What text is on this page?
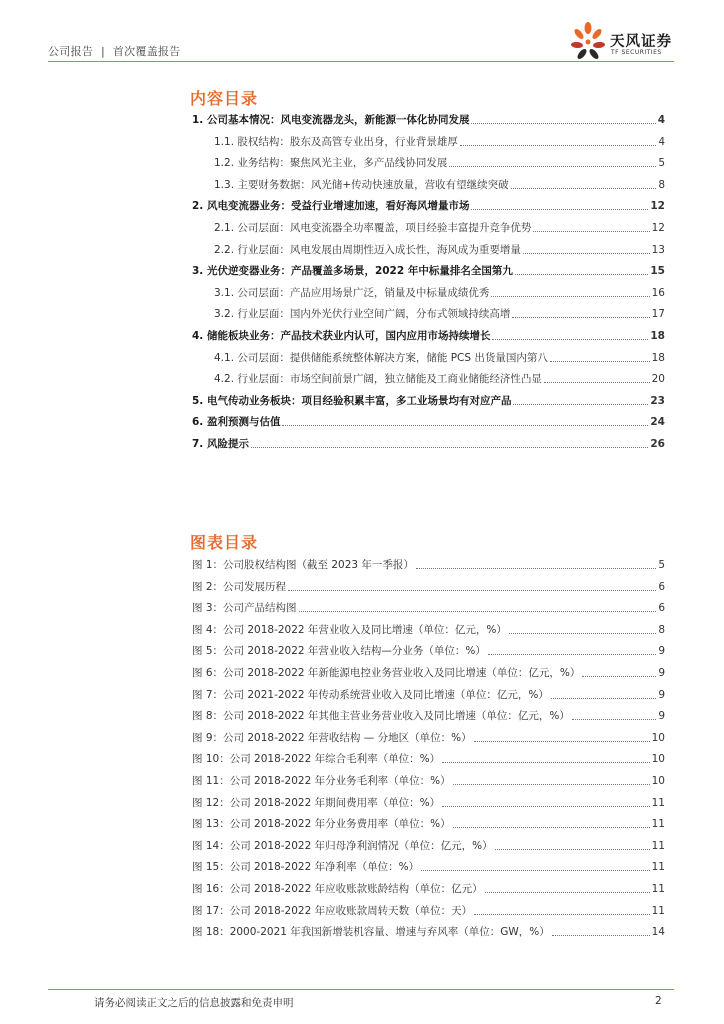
公司报告 | 首次覆盖报告
天风证券
TF SECURITIES
内容目录
1. 公司基本情况：风电变流器龙头，新能源一体化协同发展	4
1.1. 股权结构：股东及高管专业出身，行业背景雄厚	4
1.2. 业务结构：聚焦风光主业，多产品线协同发展	5
1.3. 主要财务数据：风光储+传动快速放量，营收有望继续突破	8
2. 风电变流器业务：受益行业增速加速，看好海风增量市场	12
2.1. 公司层面：风电变流器全功率覆盖，项目经验丰富提升竞争优势	12
2.2. 行业层面：风电发展由周期性迈入成长性，海风成为重要增量	13
3. 光伏逆变器业务：产品覆盖多场景，2022 年中标量排名全国第九	15
3.1. 公司层面：产品应用场景广泛，销量及中标量成绩优秀	16
3.2. 行业层面：国内外光伏行业空间广阔，分布式领域持续高增	17
4. 储能板块业务：产品技术获业内认可，国内应用市场持续增长	18
4.1. 公司层面：提供储能系统整体解决方案，储能 PCS 出货量国内第八	18
4.2. 行业层面：市场空间前景广阔，独立储能及工商业储能经济性凸显	20
5. 电气传动业务板块：项目经验积累丰富，多工业场景均有对应产品	23
6. 盈利预测与估值	24
7. 风险提示	26
图表目录
图 1：公司股权结构图（截至 2023 年一季报）	5
图 2：公司发展历程	6
图 3：公司产品结构图	6
图 4：公司 2018-2022 年营业收入及同比增速（单位：亿元，%）	8
图 5：公司 2018-2022 年营业收入结构—分业务（单位：%）	9
图 6：公司 2018-2022 年新能源电控业务营业收入及同比增速（单位：亿元，%）	9
图 7：公司 2021-2022 年传动系统营业收入及同比增速（单位：亿元，%）	9
图 8：公司 2018-2022 年其他主营业务营业收入及同比增速（单位：亿元，%）	9
图 9：公司 2018-2022 年营收结构 — 分地区（单位：%）	10
图 10：公司 2018-2022 年综合毛利率（单位：%）	10
图 11：公司 2018-2022 年分业务毛利率（单位：%）	10
图 12：公司 2018-2022 年期间费用率（单位：%）	11
图 13：公司 2018-2022 年分业务费用率（单位：%）	11
图 14：公司 2018-2022 年归母净利润情况（单位：亿元，%）	11
图 15：公司 2018-2022 年净利率（单位：%）	11
图 16：公司 2018-2022 年应收账款账龄结构（单位：亿元）	11
图 17：公司 2018-2022 年应收账款周转天数（单位：天）	11
图 18：2000-2021 年我国新增装机容量、增速与弃风率（单位：GW，%）	14
请务必阅读正文之后的信息披露和免责申明	2
